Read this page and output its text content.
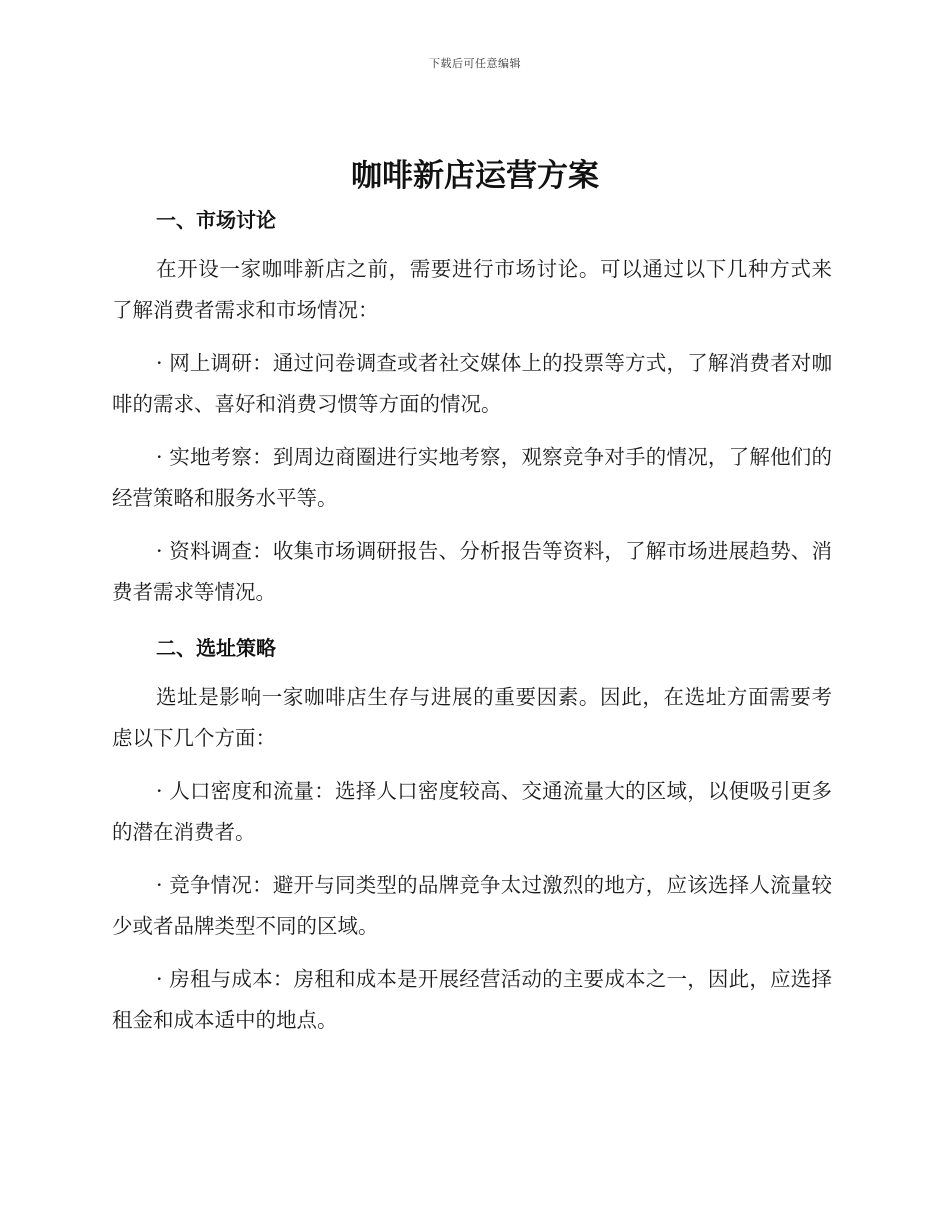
下载后可任意编辑
咖啡新店运营方案
一、市场讨论

在开设一家咖啡新店之前，需要进行市场讨论。可以通过以下几种方式来了解消费者需求和市场情况：

· 网上调研：通过问卷调查或者社交媒体上的投票等方式，了解消费者对咖啡的需求、喜好和消费习惯等方面的情况。

· 实地考察：到周边商圈进行实地考察，观察竞争对手的情况，了解他们的经营策略和服务水平等。

· 资料调查：收集市场调研报告、分析报告等资料，了解市场进展趋势、消费者需求等情况。

二、选址策略

选址是影响一家咖啡店生存与进展的重要因素。因此，在选址方面需要考虑以下几个方面：

· 人口密度和流量：选择人口密度较高、交通流量大的区域，以便吸引更多的潜在消费者。

· 竞争情况：避开与同类型的品牌竞争太过激烈的地方，应该选择人流量较少或者品牌类型不同的区域。

· 房租与成本：房租和成本是开展经营活动的主要成本之一，因此，应选择租金和成本适中的地点。
